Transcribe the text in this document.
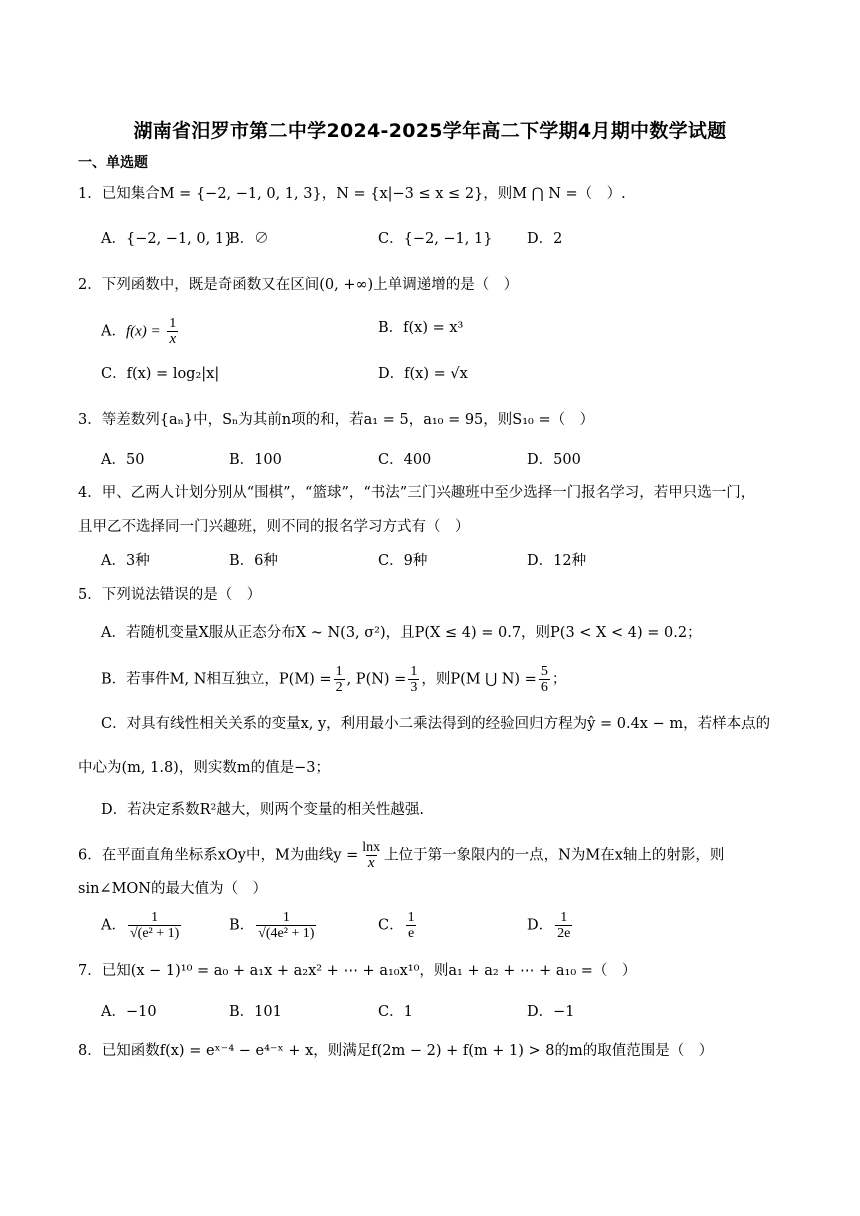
湖南省汨罗市第二中学2024-2025学年高二下学期4月期中数学试题
一、单选题
1．已知集合M = {−2, −1, 0, 1, 3}，N = {x|−3 ≤ x ≤ 2}，则M ⋂ N =（　）.
A．{−2, −1, 0, 1}
B．∅	C．{−2, −1, 1} D．2
2．下列函数中，既是奇函数又在区间(0, +∞)上单调递增的是（　）
A．$f(x) = \frac{1}{x}$	B．f(x) = x³
C．f(x) = log₂|x|	D．f(x) = √x
3．等差数列{aₙ}中，Sₙ为其前n项的和，若a₁ = 5，a₁₀ = 95，则S₁₀ =（　）
A．50	B．100	C．400	D．500
4．甲、乙两人计划分别从“围棋”，“篮球”，“书法”三门兴趣班中至少选择一门报名学习，若甲只选一门，
且甲乙不选择同一门兴趣班，则不同的报名学习方式有（　）
A．3种	B．6种	C．9种	D．12种
5．下列说法错误的是（　）
A．若随机变量X服从正态分布X ~ N(3, σ²)，且P(X ≤ 4) = 0.7，则P(3 < X < 4) = 0.2；
B．若事件M, N相互独立，$P(M) = \frac{1}{2}$ , $P(N) = \frac{1}{3}$ ，则P(M ⋃ $N) = \frac{5}{6}$ ；
C．对具有线性相关关系的变量x, y，利用最小二乘法得到的经验回归方程为ŷ = 0.4x − m，若样本点的
中心为(m, 1.8)，则实数m的值是−3；
D．若决定系数R²越大，则两个变量的相关性越强.
6．在平面直角坐标系xOy中，M为曲线$y = \frac{\ln x}{x}$ 上位于第一象限内的一点，N为M在x轴上的射影，则
sin∠MON的最大值为（　）
A． $\frac{1}{\text{√(e² + 1)}}$	B． $\frac{1}{\text{√(4e² + 1)}}$	C． $\frac{1}{e}$	D． $\frac{1}{2e}$
7．已知(x − 1)¹⁰ = a₀ + a₁x + a₂x² + ⋯ + a₁₀x¹⁰，则a₁ + a₂ + ⋯ + a₁₀ =（　）
A．−10	B．101	C．1	D．−1
8．已知函数f(x) = eˣ⁻⁴ − e⁴⁻ˣ + x，则满足f(2m − 2) + f(m + 1) > 8的m的取值范围是（　）
